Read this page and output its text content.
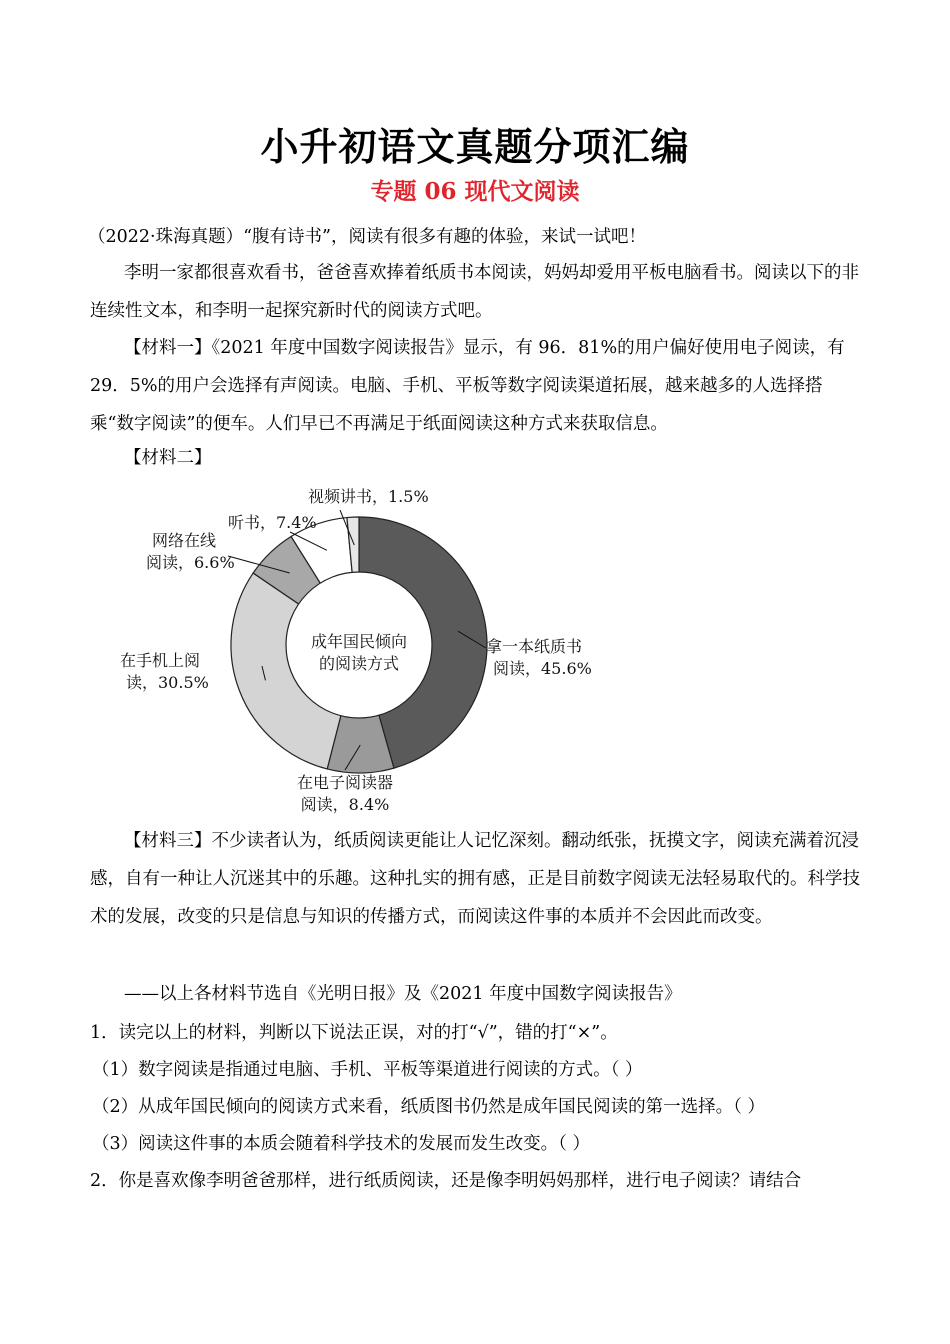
小升初语文真题分项汇编
专题 06 现代文阅读
（2022·珠海真题）“腹有诗书”，阅读有很多有趣的体验，来试一试吧！
李明一家都很喜欢看书，爸爸喜欢捧着纸质书本阅读，妈妈却爱用平板电脑看书。阅读以下的非连续性文本，和李明一起探究新时代的阅读方式吧。
【材料一】《2021 年度中国数字阅读报告》显示，有 96．81%的用户偏好使用电子阅读，有 29．5%的用户会选择有声阅读。电脑、手机、平板等数字阅读渠道拓展，越来越多的人选择搭乘“数字阅读”的便车。人们早已不再满足于纸面阅读这种方式来获取信息。
【材料二】
成年国民倾向
的阅读方式
拿一本纸质书
阅读，45.6%
在电子阅读器
阅读，8.4%
在手机上阅
读，30.5%
网络在线
阅读，6.6%
听书，7.4%
视频讲书，1.5%
【材料三】不少读者认为，纸质阅读更能让人记忆深刻。翻动纸张，抚摸文字，阅读充满着沉浸感，自有一种让人沉迷其中的乐趣。这种扎实的拥有感，正是目前数字阅读无法轻易取代的。科学技术的发展，改变的只是信息与知识的传播方式，而阅读这件事的本质并不会因此而改变。
——以上各材料节选自《光明日报》及《2021 年度中国数字阅读报告》
1．读完以上的材料，判断以下说法正误，对的打“√”，错的打“×”。
（1）数字阅读是指通过电脑、手机、平板等渠道进行阅读的方式。（ ）
（2）从成年国民倾向的阅读方式来看，纸质图书仍然是成年国民阅读的第一选择。（ ）
（3）阅读这件事的本质会随着科学技术的发展而发生改变。（ ）
2．你是喜欢像李明爸爸那样，进行纸质阅读，还是像李明妈妈那样，进行电子阅读？请结合
